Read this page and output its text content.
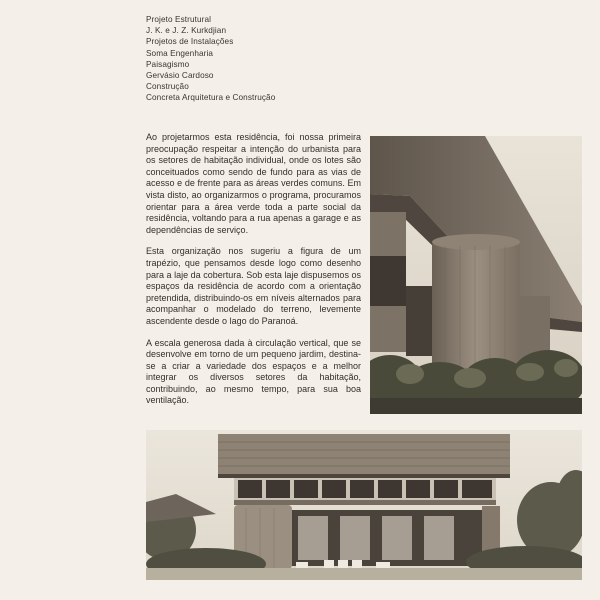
Projeto Estrutural
J. K. e J. Z. Kurkdjian
Projetos de Instalações
Soma Engenharia
Paisagismo
Gervásio Cardoso
Construção
Concreta Arquitetura e Construção

Ao projetarmos esta residência, foi nossa primeira preocupação respeitar a intenção do urbanista para os setores de habitação individual, onde os lotes são conceituados como sendo de fundo para as vias de acesso e de frente para as áreas verdes comuns. Em vista disto, ao organizarmos o programa, procuramos orientar para a área verde toda a parte social da residência, voltando para a rua apenas a garage e as dependências de serviço.

Esta organização nos sugeriu a figura de um trapézio, que pensamos desde logo como desenho para a laje da cobertura. Sob esta laje dispusemos os espaços da residência de acordo com a orientação pretendida, distribuindo-os em níveis alternados para acompanhar o modelado do terreno, levemente ascendente desde o lago do Paranoá.

A escala generosa dada à circulação vertical, que se desenvolve em torno de um pequeno jardim, destina-se a criar a variedade dos espaços e a melhor integrar os diversos setores da habitação, contribuindo, ao mesmo tempo, para sua boa ventilação.
